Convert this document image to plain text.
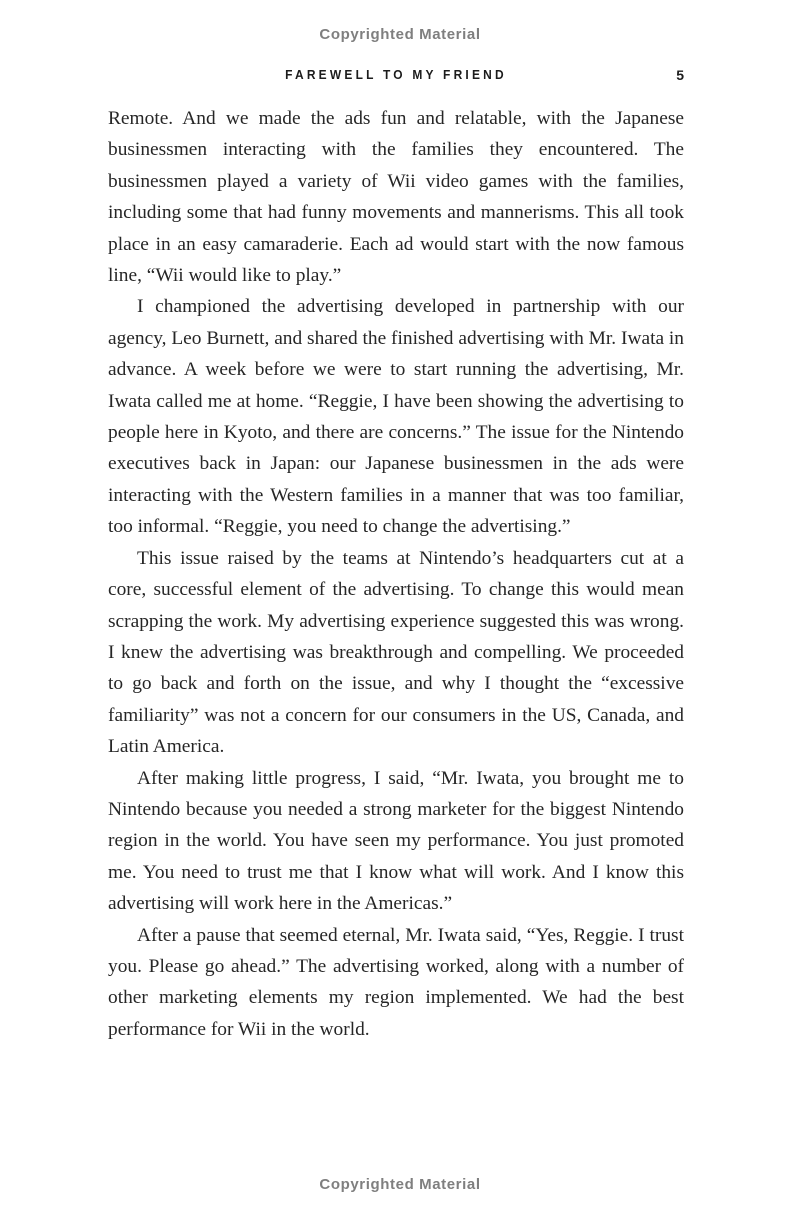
Copyrighted Material
FAREWELL TO MY FRIEND	5

Remote. And we made the ads fun and relatable, with the Japanese businessmen interacting with the families they encountered. The businessmen played a variety of Wii video games with the families, including some that had funny movements and mannerisms. This all took place in an easy camaraderie. Each ad would start with the now famous line, “Wii would like to play.”

I championed the advertising developed in partnership with our agency, Leo Burnett, and shared the finished advertising with Mr. Iwata in advance. A week before we were to start running the advertising, Mr. Iwata called me at home. “Reggie, I have been showing the advertising to people here in Kyoto, and there are concerns.” The issue for the Nintendo executives back in Japan: our Japanese businessmen in the ads were interacting with the Western families in a manner that was too familiar, too informal. “Reggie, you need to change the advertising.”

This issue raised by the teams at Nintendo’s headquarters cut at a core, successful element of the advertising. To change this would mean scrapping the work. My advertising experience suggested this was wrong. I knew the advertising was breakthrough and compelling. We proceeded to go back and forth on the issue, and why I thought the “excessive familiarity” was not a concern for our consumers in the US, Canada, and Latin America.

After making little progress, I said, “Mr. Iwata, you brought me to Nintendo because you needed a strong marketer for the biggest Nintendo region in the world. You have seen my performance. You just promoted me. You need to trust me that I know what will work. And I know this advertising will work here in the Americas.”

After a pause that seemed eternal, Mr. Iwata said, “Yes, Reggie. I trust you. Please go ahead.” The advertising worked, along with a number of other marketing elements my region implemented. We had the best performance for Wii in the world.

Copyrighted Material
